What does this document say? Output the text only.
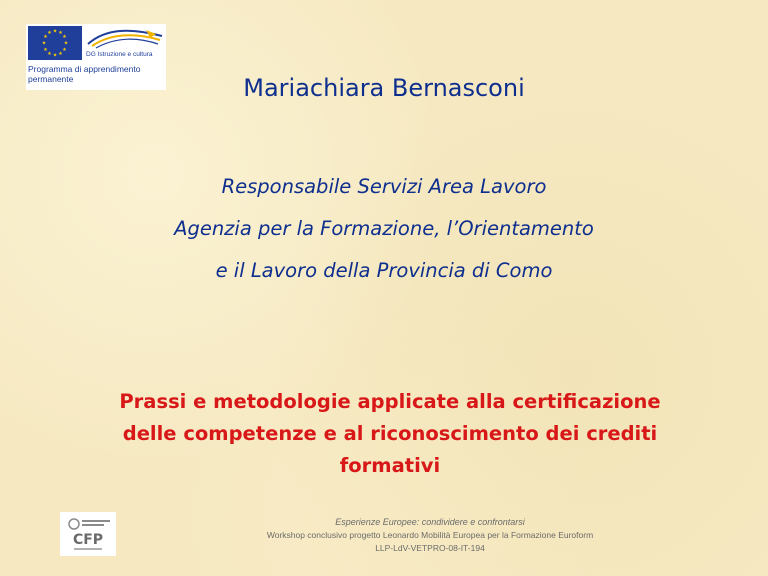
★ ★
★
★
★
★
★
★
★
★
★
★
DG Istruzione e cultura
Programma di apprendimento
permanente	Mariachiara Bernasconi
Responsabile Servizi Area Lavoro
Agenzia per la Formazione, l’Orientamento
e il Lavoro della Provincia di Como
Prassi e metodologie applicate alla certificazione
delle competenze e al riconoscimento dei crediti
formativi
CFP
Esperienze Europee: condividere e confrontarsi
Workshop conclusivo progetto Leonardo Mobilità Europea per la Formazione Euroform
LLP-LdV-VETPRO-08-IT-194
